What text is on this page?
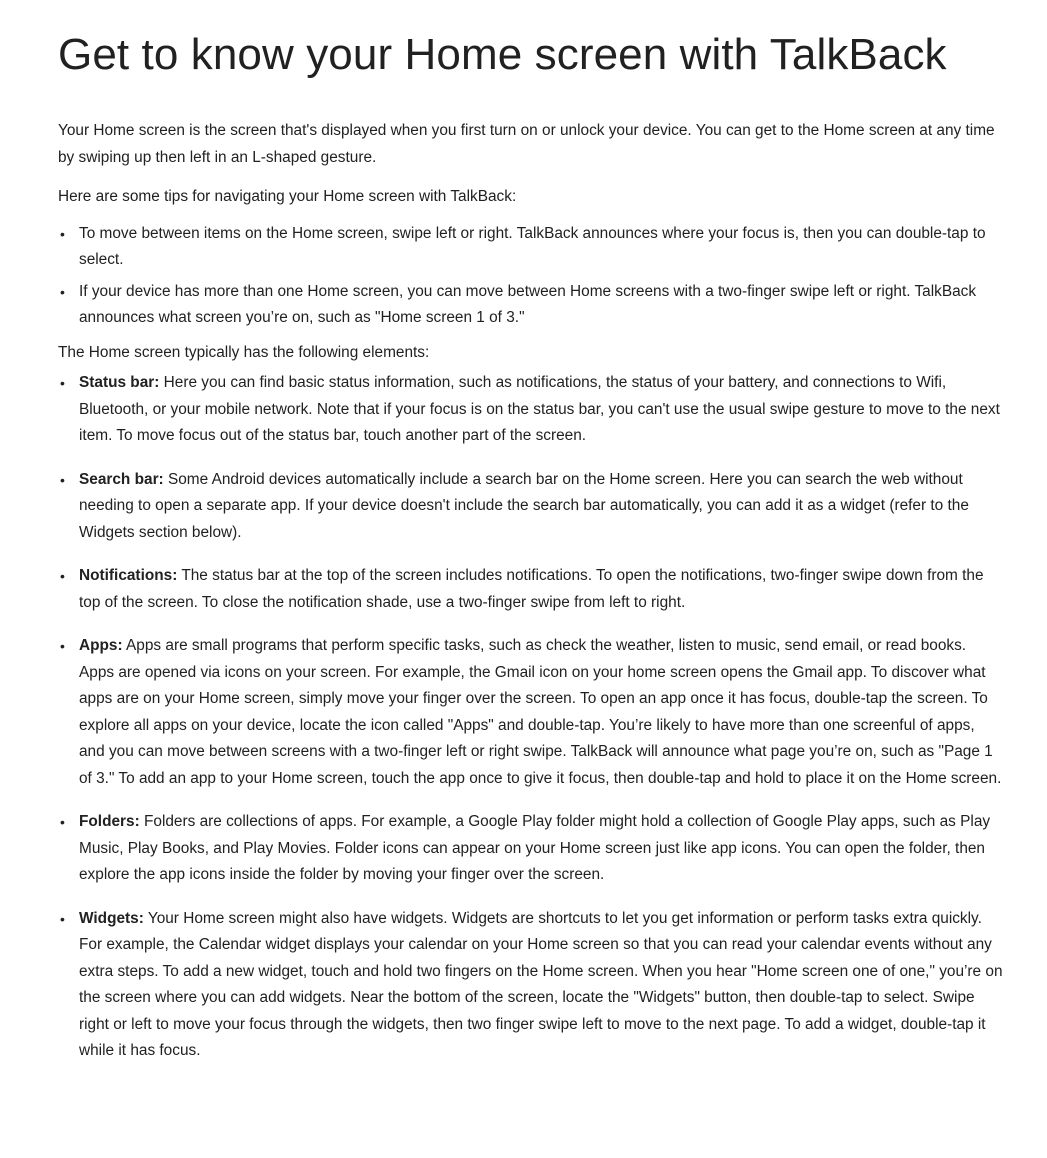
Get to know your Home screen with TalkBack

Your Home screen is the screen that's displayed when you first turn on or unlock your device. You can get to the Home screen at any time by swiping up then left in an L-shaped gesture.

Here are some tips for navigating your Home screen with TalkBack:

• To move between items on the Home screen, swipe left or right. TalkBack announces where your focus is, then you can double-tap to select.
• If your device has more than one Home screen, you can move between Home screens with a two-finger swipe left or right. TalkBack announces what screen you’re on, such as "Home screen 1 of 3."

The Home screen typically has the following elements:

• Status bar: Here you can find basic status information, such as notifications, the status of your battery, and connections to Wifi, Bluetooth, or your mobile network. Note that if your focus is on the status bar, you can't use the usual swipe gesture to move to the next item. To move focus out of the status bar, touch another part of the screen.
• Search bar: Some Android devices automatically include a search bar on the Home screen. Here you can search the web without needing to open a separate app. If your device doesn't include the search bar automatically, you can add it as a widget (refer to the Widgets section below).
• Notifications: The status bar at the top of the screen includes notifications. To open the notifications, two-finger swipe down from the top of the screen. To close the notification shade, use a two-finger swipe from left to right.
• Apps: Apps are small programs that perform specific tasks, such as check the weather, listen to music, send email, or read books. Apps are opened via icons on your screen. For example, the Gmail icon on your home screen opens the Gmail app. To discover what apps are on your Home screen, simply move your finger over the screen. To open an app once it has focus, double-tap the screen. To explore all apps on your device, locate the icon called "Apps" and double-tap. You’re likely to have more than one screenful of apps, and you can move between screens with a two-finger left or right swipe. TalkBack will announce what page you’re on, such as "Page 1 of 3." To add an app to your Home screen, touch the app once to give it focus, then double-tap and hold to place it on the Home screen.
• Folders: Folders are collections of apps. For example, a Google Play folder might hold a collection of Google Play apps, such as Play Music, Play Books, and Play Movies. Folder icons can appear on your Home screen just like app icons. You can open the folder, then explore the app icons inside the folder by moving your finger over the screen.
• Widgets: Your Home screen might also have widgets. Widgets are shortcuts to let you get information or perform tasks extra quickly. For example, the Calendar widget displays your calendar on your Home screen so that you can read your calendar events without any extra steps. To add a new widget, touch and hold two fingers on the Home screen. When you hear "Home screen one of one," you’re on the screen where you can add widgets. Near the bottom of the screen, locate the "Widgets" button, then double-tap to select. Swipe right or left to move your focus through the widgets, then two finger swipe left to move to the next page. To add a widget, double-tap it while it has focus.
